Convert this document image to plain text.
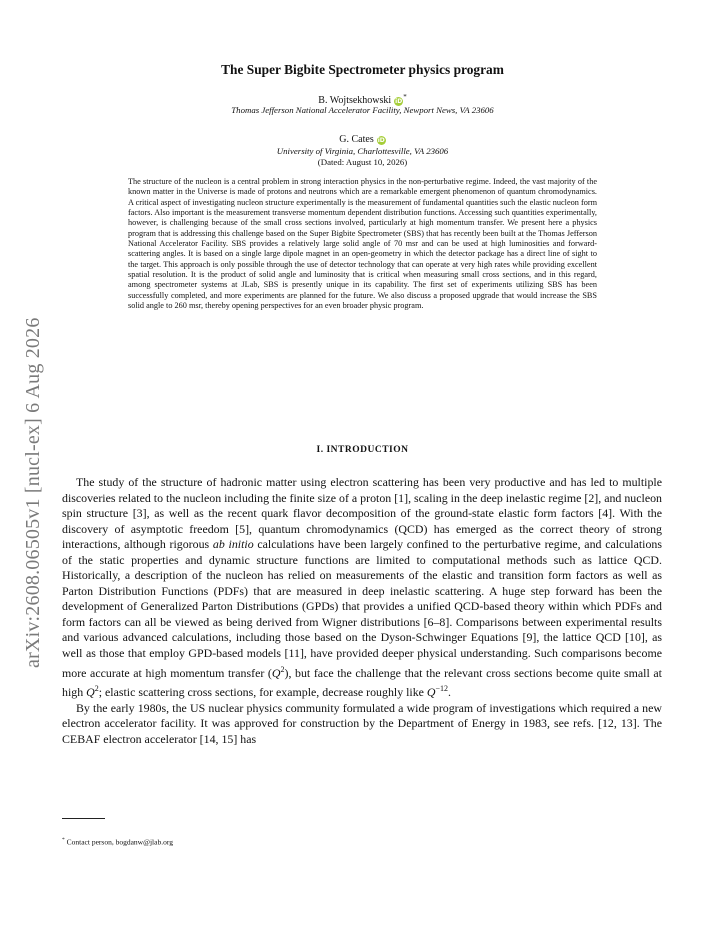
arXiv:2608.06505v1 [nucl-ex] 6 Aug 2026
The Super Bigbite Spectrometer physics program
B. Wojtsekhowski iD*
Thomas Jefferson National Accelerator Facility, Newport News, VA 23606
G. Cates iD
University of Virginia, Charlottesville, VA 23606
(Dated: August 10, 2026)

The structure of the nucleon is a central problem in strong interaction physics in the non-perturbative regime. Indeed, the vast majority of the known matter in the Universe is made of protons and neutrons which are a remarkable emergent phenomenon of quantum chromodynamics. A critical aspect of investigating nucleon structure experimentally is the measurement of fundamental quantities such the elastic nucleon form factors. Also important is the measurement transverse momentum dependent distribution functions. Accessing such quantities experimentally, however, is challenging because of the small cross sections involved, particularly at high momentum transfer. We present here a physics program that is addressing this challenge based on the Super Bigbite Spectrometer (SBS) that has recently been built at the Thomas Jefferson National Accelerator Facility. SBS provides a relatively large solid angle of 70 msr and can be used at high luminosities and forward-scattering angles. It is based on a single large dipole magnet in an open-geometry in which the detector package has a direct line of sight to the target. This approach is only possible through the use of detector technology that can operate at very high rates while providing excellent spatial resolution. It is the product of solid angle and luminosity that is critical when measuring small cross sections, and in this regard, among spectrometer systems at JLab, SBS is presently unique in its capability. The first set of experiments utilizing SBS has been successfully completed, and more experiments are planned for the future. We also discuss a proposed upgrade that would increase the SBS solid angle to 260 msr, thereby opening perspectives for an even broader physic program.

I. INTRODUCTION

The study of the structure of hadronic matter using electron scattering has been very productive and has led to multiple discoveries related to the nucleon including the finite size of a proton [1], scaling in the deep inelastic regime [2], and nucleon spin structure [3], as well as the recent quark flavor decomposition of the ground-state elastic form factors [4]. With the discovery of asymptotic freedom [5], quantum chromodynamics (QCD) has emerged as the correct theory of strong interactions, although rigorous ab initio calculations have been largely confined to the perturbative regime, and calculations of the static properties and dynamic structure functions are limited to computational methods such as lattice QCD. Historically, a description of the nucleon has relied on measurements of the elastic and transition form factors as well as Parton Distribution Functions (PDFs) that are measured in deep inelastic scattering. A huge step forward has been the development of Generalized Parton Distributions (GPDs) that provides a unified QCD-based theory within which PDFs and form factors can all be viewed as being derived from Wigner distributions [6–8]. Comparisons between experimental results and various advanced calculations, including those based on the Dyson-Schwinger Equations [9], the lattice QCD [10], as well as those that employ GPD-based models [11], have provided deeper physical understanding. Such comparisons become more accurate at high momentum transfer $(Q^2)$, but face the challenge that the relevant cross sections become quite small at high $Q^2$; elastic scattering cross sections, for example, decrease roughly like $Q^{-12}$.

By the early 1980s, the US nuclear physics community formulated a wide program of investigations which required a new electron accelerator facility. It was approved for construction by the Department of Energy in 1983, see refs. [12, 13]. The CEBAF electron accelerator [14, 15] has

* Contact person, bogdanw@jlab.org
